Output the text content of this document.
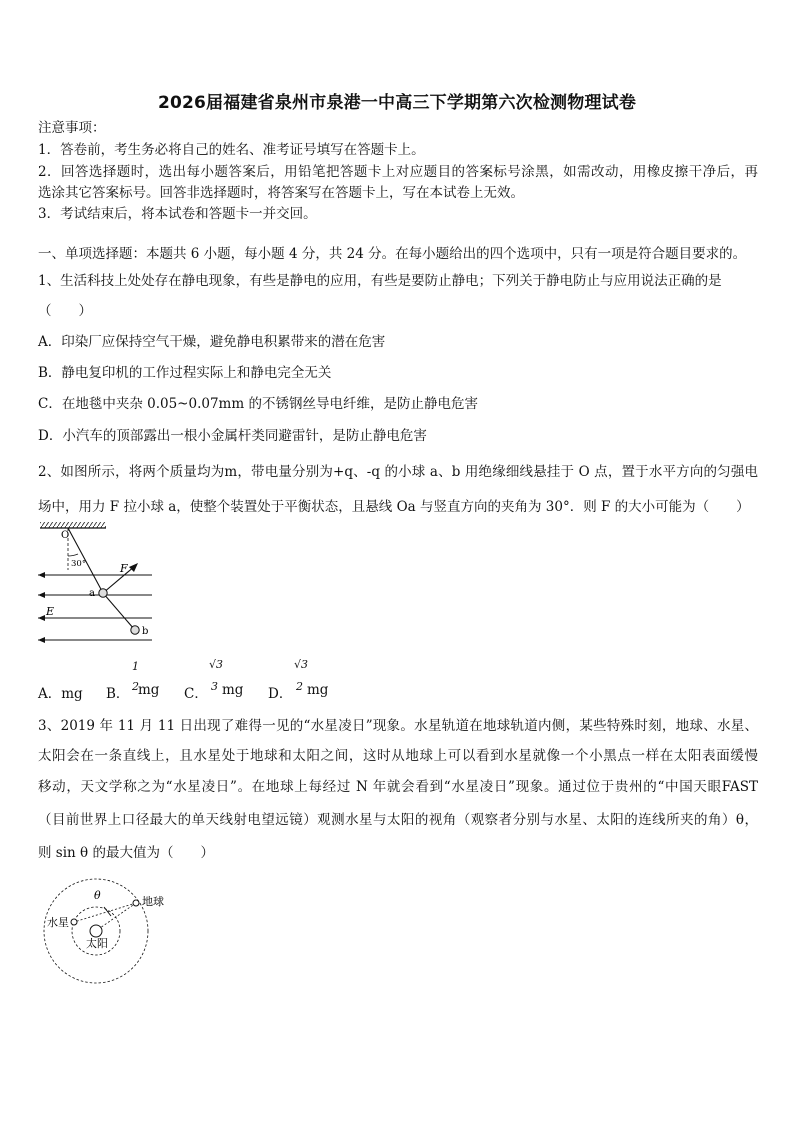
2026届福建省泉州市泉港一中高三下学期第六次检测物理试卷
注意事项：
1．答卷前，考生务必将自己的姓名、准考证号填写在答题卡上。
2．回答选择题时，选出每小题答案后，用铅笔把答题卡上对应题目的答案标号涂黑，如需改动，用橡皮擦干净后，再
选涂其它答案标号。回答非选择题时，将答案写在答题卡上，写在本试卷上无效。
3．考试结束后，将本试卷和答题卡一并交回。
一、单项选择题：本题共 6 小题，每小题 4 分，共 24 分。在每小题给出的四个选项中，只有一项是符合题目要求的。
1、生活科技上处处存在静电现象，有些是静电的应用，有些是要防止静电；下列关于静电防止与应用说法正确的是
（　　）
A．印染厂应保持空气干燥，避免静电积累带来的潜在危害
B．静电复印机的工作过程实际上和静电完全无关
C．在地毯中夹杂 0.05~0.07mm 的不锈钢丝导电纤维，是防止静电危害
D．小汽车的顶部露出一根小金属杆类同避雷针，是防止静电危害
2、如图所示，将两个质量均为m，带电量分别为+q、-q 的小球 a、b 用绝缘细线悬挂于 O 点，置于水平方向的匀强电
场中，用力 F 拉小球 a，使整个装置处于平衡状态，且悬线 Oa 与竖直方向的夹角为 30°．则 F 的大小可能为（　　）
O
30°	F
a
E
b
A．mg B．
1
2 mg C．
√3
3 mg D．
√3
2 mg
3、2019 年 11 月 11 日出现了难得一见的“水星凌日”现象。水星轨道在地球轨道内侧，某些特殊时刻，地球、水星、
太阳会在一条直线上，且水星处于地球和太阳之间，这时从地球上可以看到水星就像一个小黑点一样在太阳表面缓慢
移动，天文学称之为“水星凌日”。在地球上每经过 N 年就会看到“水星凌日”现象。通过位于贵州的“中国天眼FAST
（目前世界上口径最大的单天线射电望远镜）观测水星与太阳的视角（观察者分别与水星、太阳的连线所夹的角）θ，
则 sin θ 的最大值为（　　）
θ	地球
水星
太阳
